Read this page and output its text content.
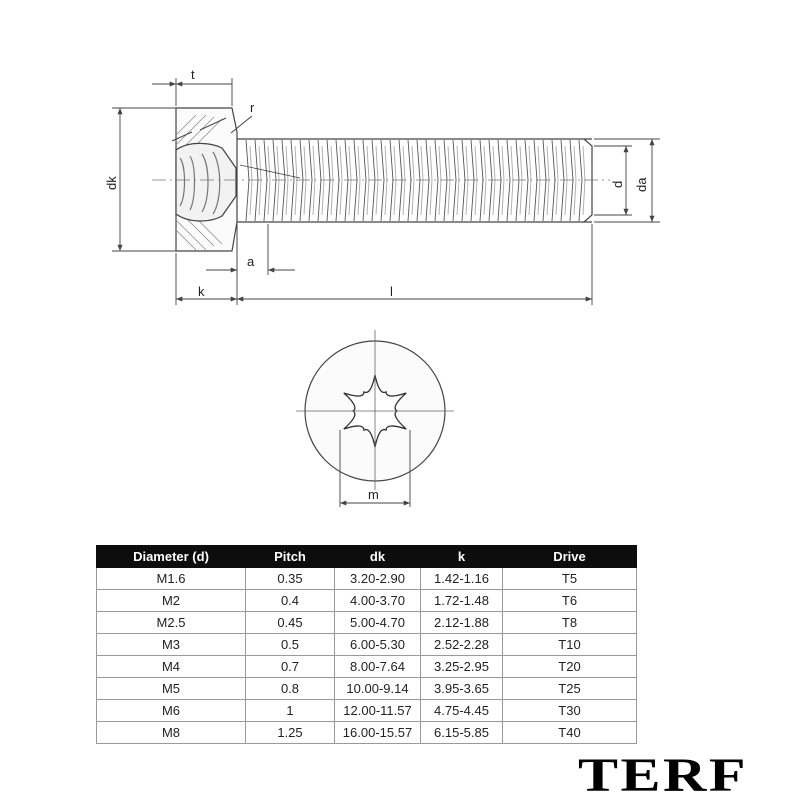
t
r
dk
a
k	l
d da
m
Diameter (d)	Pitch	dk	k	Drive
M1.6	0.35	3.20-2.90	1.42-1.16	T5
M2	0.4	4.00-3.70	1.72-1.48	T6
M2.5	0.45	5.00-4.70	2.12-1.88	T8
M3	0.5	6.00-5.30	2.52-2.28	T10
M4	0.7	8.00-7.64	3.25-2.95	T20
M5	0.8	10.00-9.14	3.95-3.65	T25
M6	1	12.00-11.57	4.75-4.45	T30
M8	1.25	16.00-15.57	6.15-5.85	T40
TERF
